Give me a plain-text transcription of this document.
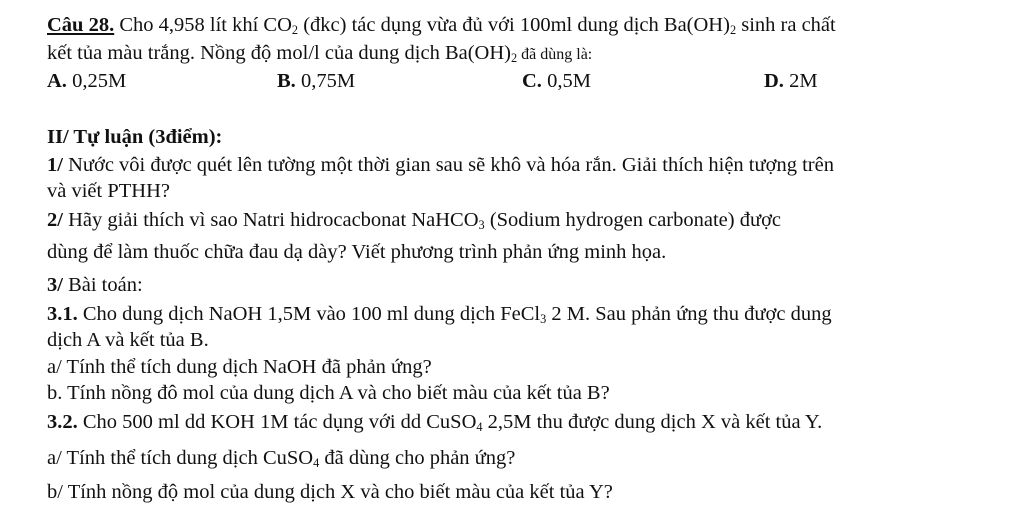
Câu 28. Cho 4,958 lít khí $CO_2$ (đkc) tác dụng vừa đủ với 100ml dung dịch $Ba(OH)_2$ sinh ra chất
kết tủa màu trắng. Nồng độ mol/l của dung dịch $Ba(OH)_2$ đã dùng là:
A. 0,25M	B. 0,75M	C. 0,5M	D. 2M
II/ Tự luận (3điểm):
1/ Nước vôi được quét lên tường một thời gian sau sẽ khô và hóa rắn. Giải thích hiện tượng trên
và viết PTHH?
2/ Hãy giải thích vì sao Natri hidrocacbonat NaHCO$_3$ (Sodium hydrogen carbonate) được
dùng để làm thuốc chữa đau dạ dày? Viết phương trình phản ứng minh họa.
3/ Bài toán:
3.1. Cho dung dịch NaOH 1,5M vào 100 ml dung dịch FeCl$_3$ 2 M. Sau phản ứng thu được dung
dịch A và kết tủa B.
a/ Tính thể tích dung dịch NaOH đã phản ứng?
b. Tính nồng đô mol của dung dịch A và cho biết màu của kết tủa B?
3.2. Cho 500 ml dd KOH 1M tác dụng với dd CuSO$_4$ 2,5M thu được dung dịch X và kết tủa Y.
a/ Tính thể tích dung dịch CuSO$_4$ đã dùng cho phản ứng?
b/ Tính nồng độ mol của dung dịch X và cho biết màu của kết tủa Y?
